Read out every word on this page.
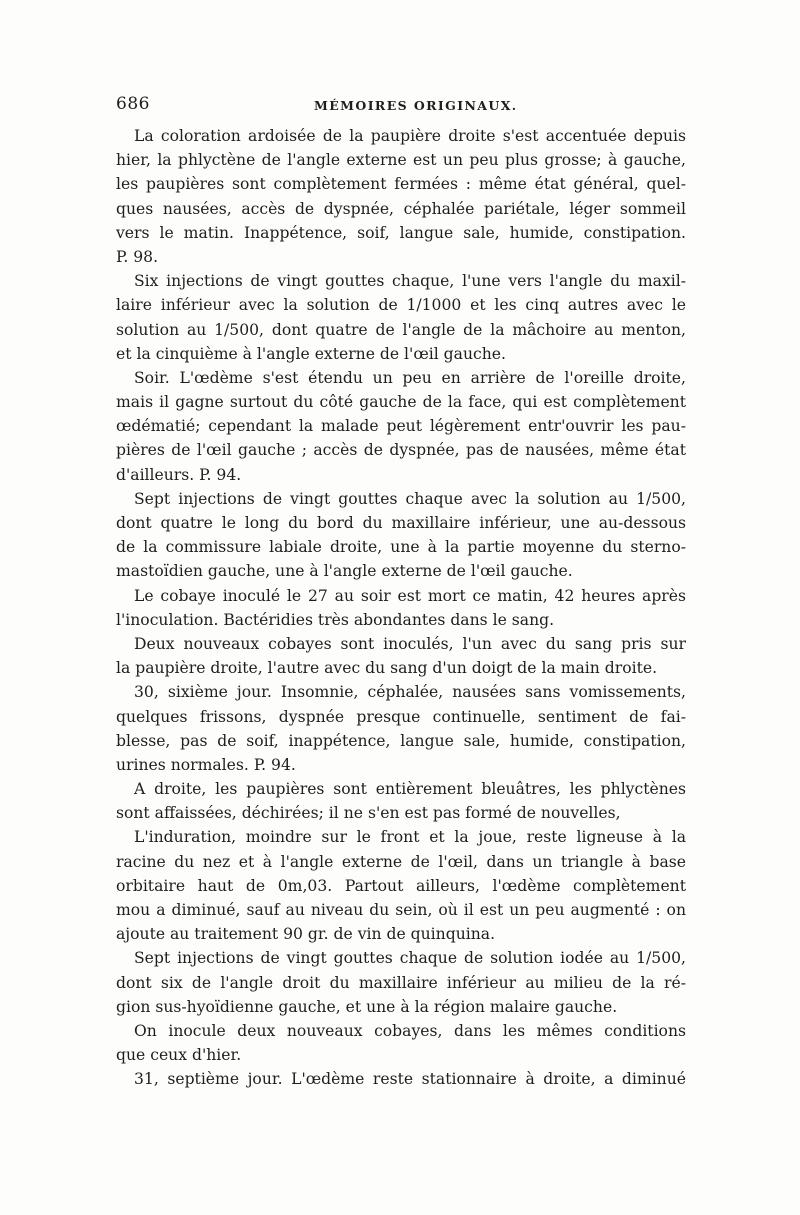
686	MÉMOIRES ORIGINAUX.
La coloration ardoisée de la paupière droite s'est accentuée depuis
hier, la phlyctène de l'angle externe est un peu plus grosse; à gauche,
les paupières sont complètement fermées : même état général, quel-
ques nausées, accès de dyspnée, céphalée pariétale, léger sommeil
vers le matin. Inappétence, soif, langue sale, humide, constipation.
P. 98.
Six injections de vingt gouttes chaque, l'une vers l'angle du maxil-
laire inférieur avec la solution de 1/1000 et les cinq autres avec le
solution au 1/500, dont quatre de l'angle de la mâchoire au menton,
et la cinquième à l'angle externe de l'œil gauche.
Soir. L'œdème s'est étendu un peu en arrière de l'oreille droite,
mais il gagne surtout du côté gauche de la face, qui est complètement
œdématié; cependant la malade peut légèrement entr'ouvrir les pau-
pières de l'œil gauche ; accès de dyspnée, pas de nausées, même état
d'ailleurs. P. 94.
Sept injections de vingt gouttes chaque avec la solution au 1/500,
dont quatre le long du bord du maxillaire inférieur, une au-dessous
de la commissure labiale droite, une à la partie moyenne du sterno-
mastoïdien gauche, une à l'angle externe de l'œil gauche.
Le cobaye inoculé le 27 au soir est mort ce matin, 42 heures après
l'inoculation. Bactéridies très abondantes dans le sang.
Deux nouveaux cobayes sont inoculés, l'un avec du sang pris sur
la paupière droite, l'autre avec du sang d'un doigt de la main droite.
30, sixième jour. Insomnie, céphalée, nausées sans vomissements,
quelques frissons, dyspnée presque continuelle, sentiment de fai-
blesse, pas de soif, inappétence, langue sale, humide, constipation,
urines normales. P. 94.
A droite, les paupières sont entièrement bleuâtres, les phlyctènes
sont affaissées, déchirées; il ne s'en est pas formé de nouvelles,
L'induration, moindre sur le front et la joue, reste ligneuse à la
racine du nez et à l'angle externe de l'œil, dans un triangle à base
orbitaire haut de 0m,03. Partout ailleurs, l'œdème complètement
mou a diminué, sauf au niveau du sein, où il est un peu augmenté : on
ajoute au traitement 90 gr. de vin de quinquina.
Sept injections de vingt gouttes chaque de solution iodée au 1/500,
dont six de l'angle droit du maxillaire inférieur au milieu de la ré-
gion sus-hyoïdienne gauche, et une à la région malaire gauche.
On inocule deux nouveaux cobayes, dans les mêmes conditions
que ceux d'hier.
31, septième jour. L'œdème reste stationnaire à droite, a diminué
